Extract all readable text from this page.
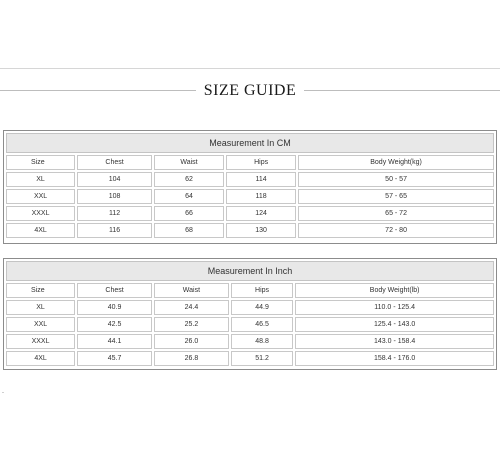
SIZE GUIDE
Measurement In CM
Size	Chest	Waist	Hips	Body Weight(kg)
XL	104	62	114	50 - 57
XXL	108	64	118	57 - 65
XXXL	112	66	124	65 - 72
4XL	116	68	130	72 - 80
Measurement In Inch
Size	Chest	Waist	Hips	Body Weight(lb)
XL	40.9	24.4	44.9	110.0 - 125.4
XXL	42.5	25.2	46.5	125.4 - 143.0
XXXL	44.1	26.0	48.8	143.0 - 158.4
4XL	45.7	26.8	51.2	158.4 - 176.0
